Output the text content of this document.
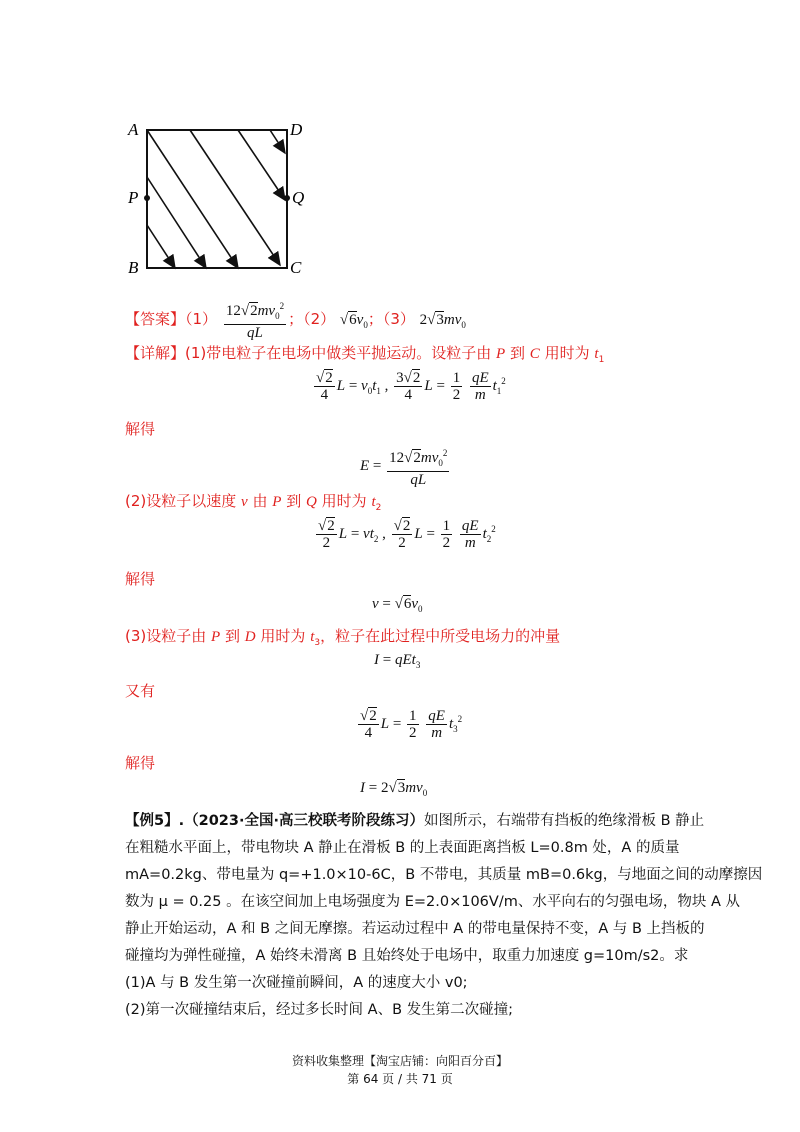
A	D
P	Q
B	C
【答案】$(1) \frac{12√2mv_0^2}{qL}$ ；（2） $√6v_0$；（3） $2√3mv_0$
【详解】(1)带电粒子在电场中做类平抛运动。设粒子由 P 到 C 用时为 $t_1$
$\frac{√2}{4}$ $L = v_0t_1$ , $\frac{3√2}{4}$ $L = \frac{1}{2}$
$\frac{qE}{m} t_1^2$
解得
$E = \frac{12√2mv_0^2}{qL}$
(2)设粒子以速度 v 由 P 到 Q 用时为 $t_2$
$\frac{√2}{2}$ $L = vt_2$ , $\frac{√2}{2}$ $L = \frac{1}{2}$
$\frac{qE}{m} t_2^2$
解得
$v = √6v_0$
(3)设粒子由 P 到 D 用时为 $t_3$，粒子在此过程中所受电场力的冲量
I = qEt$_3$
又有
$\frac{√2}{4}$ $L = \frac{1}{2}$
$\frac{qE}{m} t_3^2$
解得
$I = 2√3mv_0$
【例5】.（2023·全国·高三校联考阶段练习）如图所示，右端带有挡板的绝缘滑板 B 静止
在粗糙水平面上，带电物块 A 静止在滑板 B 的上表面距离挡板 L=0.8m 处，A 的质量
mA=0.2kg、带电量为 q=+1.0×10-6C，B 不带电，其质量 mB=0.6kg，与地面之间的动摩擦因
数为 μ = 0.25 。在该空间加上电场强度为 E=2.0×106V/m、水平向右的匀强电场，物块 A 从
静止开始运动，A 和 B 之间无摩擦。若运动过程中 A 的带电量保持不变，A 与 B 上挡板的
碰撞均为弹性碰撞，A 始终未滑离 B 且始终处于电场中，取重力加速度 g=10m/s2。求
(1)A 与 B 发生第一次碰撞前瞬间，A 的速度大小 v0;
(2)第一次碰撞结束后，经过多长时间 A、B 发生第二次碰撞;
资料收集整理【淘宝店铺：向阳百分百】
第 64 页 / 共 71 页
